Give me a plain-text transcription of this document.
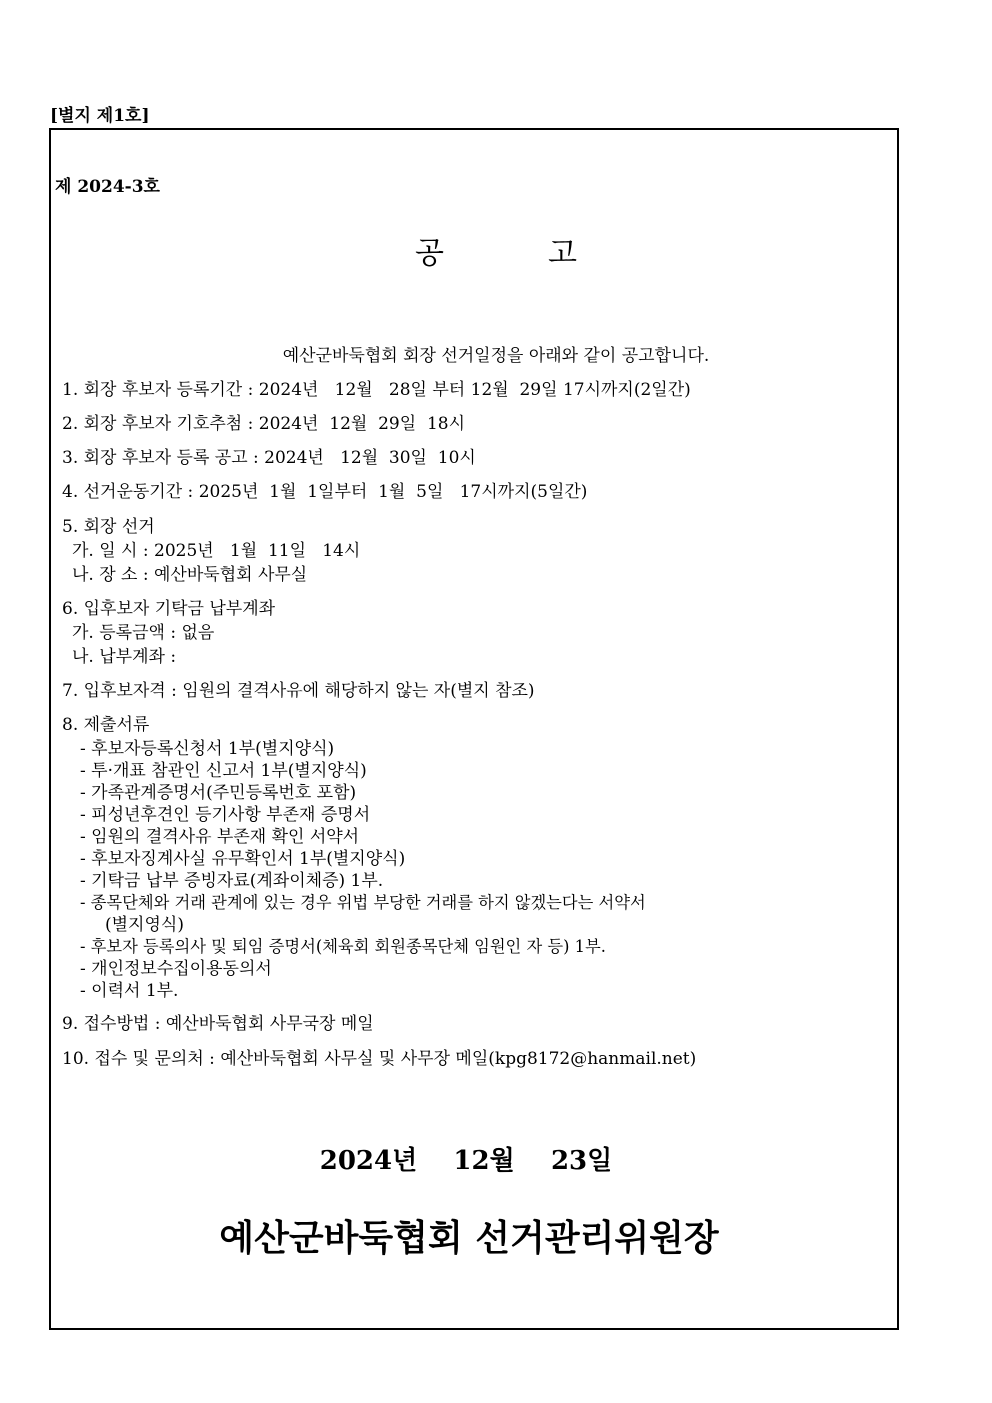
[별지 제1호]
제 2024-3호
공	고
예산군바둑협회 회장 선거일정을 아래와 같이 공고합니다.
1. 회장 후보자 등록기간 : 2024년   12월   28일 부터 12월  29일 17시까지(2일간)
2. 회장 후보자 기호추첨 : 2024년  12월  29일  18시
3. 회장 후보자 등록 공고 : 2024년   12월  30일  10시
4. 선거운동기간 : 2025년  1월  1일부터  1월  5일   17시까지(5일간)
5. 회장 선거
가. 일 시 : 2025년   1월  11일   14시
나. 장 소 : 예산바둑협회 사무실
6. 입후보자 기탁금 납부계좌
가. 등록금액 : 없음
나. 납부계좌 :
7. 입후보자격 : 임원의 결격사유에 해당하지 않는 자(별지 참조)
8. 제출서류
- 후보자등록신청서 1부(별지양식)
- 투·개표 참관인 신고서 1부(별지양식)
- 가족관계증명서(주민등록번호 포함)
- 피성년후견인 등기사항 부존재 증명서
- 임원의 결격사유 부존재 확인 서약서
- 후보자징계사실 유무확인서 1부(별지양식)
- 기탁금 납부 증빙자료(계좌이체증) 1부.
- 종목단체와 거래 관계에 있는 경우 위법 부당한 거래를 하지 않겠는다는 서약서
(별지영식)
- 후보자 등록의사 및 퇴임 증명서(체육회 회원종목단체 임원인 자 등) 1부.
- 개인정보수집이용동의서
- 이력서 1부.
9. 접수방법 : 예산바둑협회 사무국장 메일
10. 접수 및 문의처 : 예산바둑협회 사무실 및 사무장 메일(kpg8172@hanmail.net)
2024년    12월    23일
예산군바둑협회 선거관리위원장
